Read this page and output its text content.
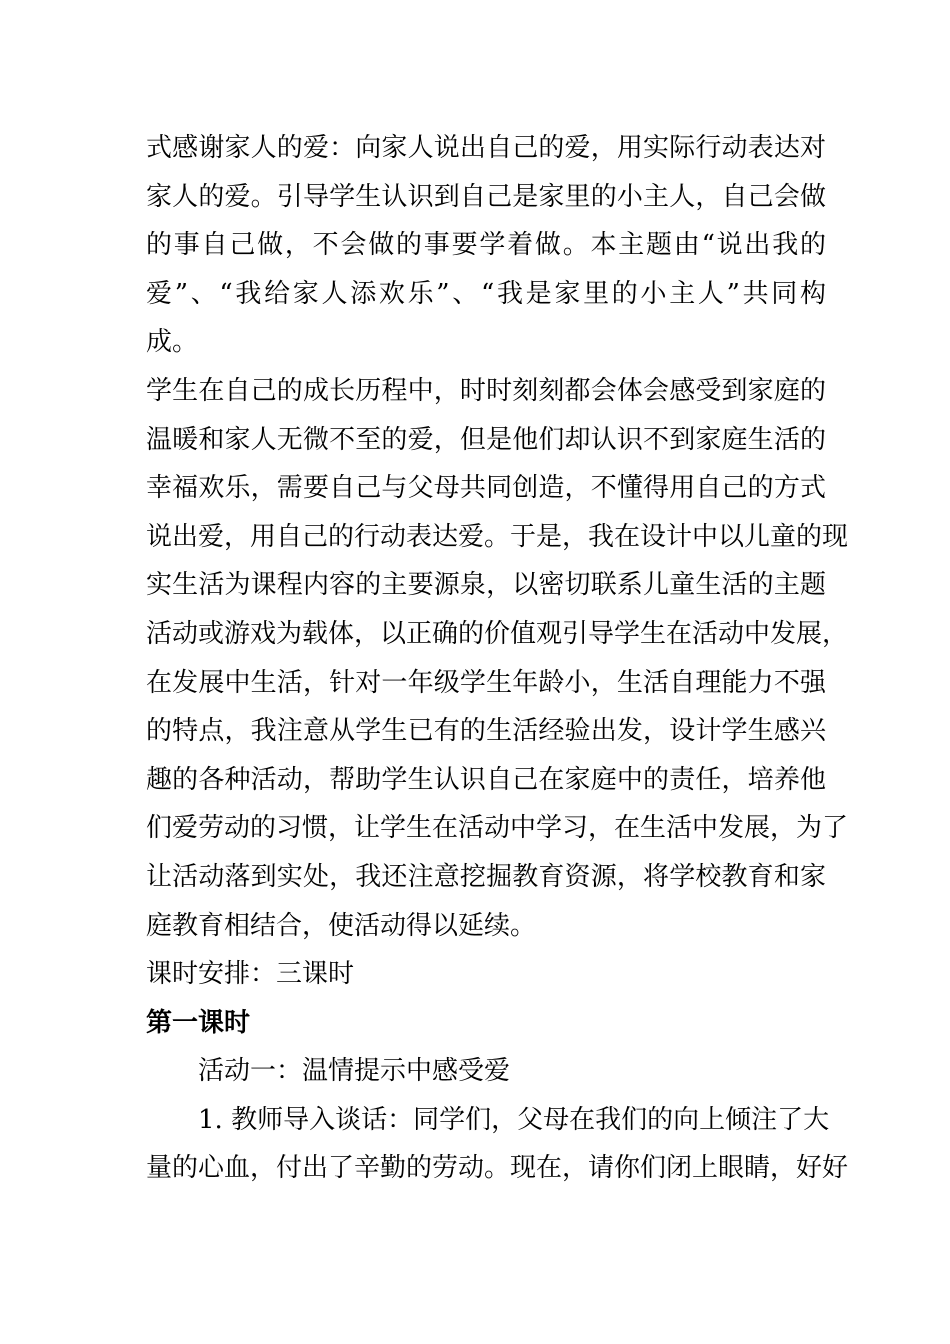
式感谢家人的爱：向家人说出自己的爱，用实际行动表达对
家人的爱。引导学生认识到自己是家里的小主人，自己会做
的事自己做，不会做的事要学着做。本主题由“说出我的
爱”、“我给家人添欢乐”、“我是家里的小主人”共同构
成。
学生在自己的成长历程中，时时刻刻都会体会感受到家庭的
温暖和家人无微不至的爱，但是他们却认识不到家庭生活的
幸福欢乐，需要自己与父母共同创造，不懂得用自己的方式
说出爱，用自己的行动表达爱。于是，我在设计中以儿童的现
实生活为课程内容的主要源泉，以密切联系儿童生活的主题
活动或游戏为载体，以正确的价值观引导学生在活动中发展，
在发展中生活，针对一年级学生年龄小，生活自理能力不强
的特点，我注意从学生已有的生活经验出发，设计学生感兴
趣的各种活动，帮助学生认识自己在家庭中的责任，培养他
们爱劳动的习惯，让学生在活动中学习，在生活中发展，为了
让活动落到实处，我还注意挖掘教育资源，将学校教育和家
庭教育相结合，使活动得以延续。
课时安排：三课时
第一课时
活动一：温情提示中感受爱
1. 教师导入谈话：同学们，父母在我们的向上倾注了大
量的心血，付出了辛勤的劳动。现在，请你们闭上眼睛，好好
